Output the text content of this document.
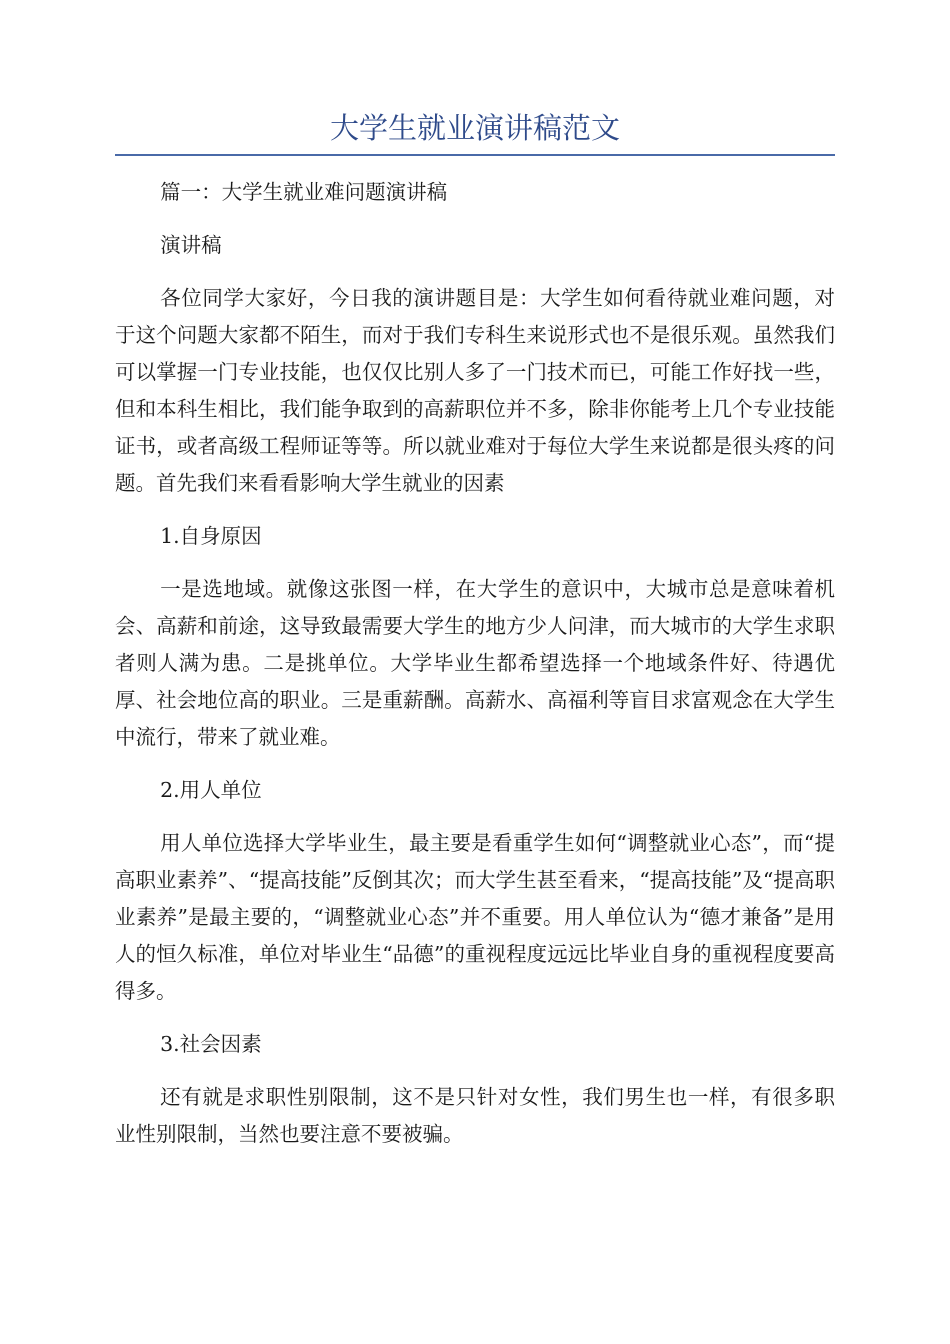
大学生就业演讲稿范文

篇一：大学生就业难问题演讲稿

演讲稿

各位同学大家好，今日我的演讲题目是：大学生如何看待就业难问题，对于这个问题大家都不陌生，而对于我们专科生来说形式也不是很乐观。虽然我们可以掌握一门专业技能，也仅仅比别人多了一门技术而已，可能工作好找一些，但和本科生相比，我们能争取到的高薪职位并不多，除非你能考上几个专业技能证书，或者高级工程师证等等。所以就业难对于每位大学生来说都是很头疼的问题。首先我们来看看影响大学生就业的因素

1.自身原因

一是选地域。就像这张图一样，在大学生的意识中，大城市总是意味着机会、高薪和前途，这导致最需要大学生的地方少人问津，而大城市的大学生求职者则人满为患。二是挑单位。大学毕业生都希望选择一个地域条件好、待遇优厚、社会地位高的职业。三是重薪酬。高薪水、高福利等盲目求富观念在大学生中流行，带来了就业难。

2.用人单位

用人单位选择大学毕业生，最主要是看重学生如何“调整就业心态”，而“提高职业素养”、“提高技能”反倒其次；而大学生甚至看来，“提高技能”及“提高职业素养”是最主要的，“调整就业心态”并不重要。用人单位认为“德才兼备”是用人的恒久标准，单位对毕业生“品德”的重视程度远远比毕业自身的重视程度要高得多。

3.社会因素

还有就是求职性别限制，这不是只针对女性，我们男生也一样，有很多职业性别限制，当然也要注意不要被骗。
